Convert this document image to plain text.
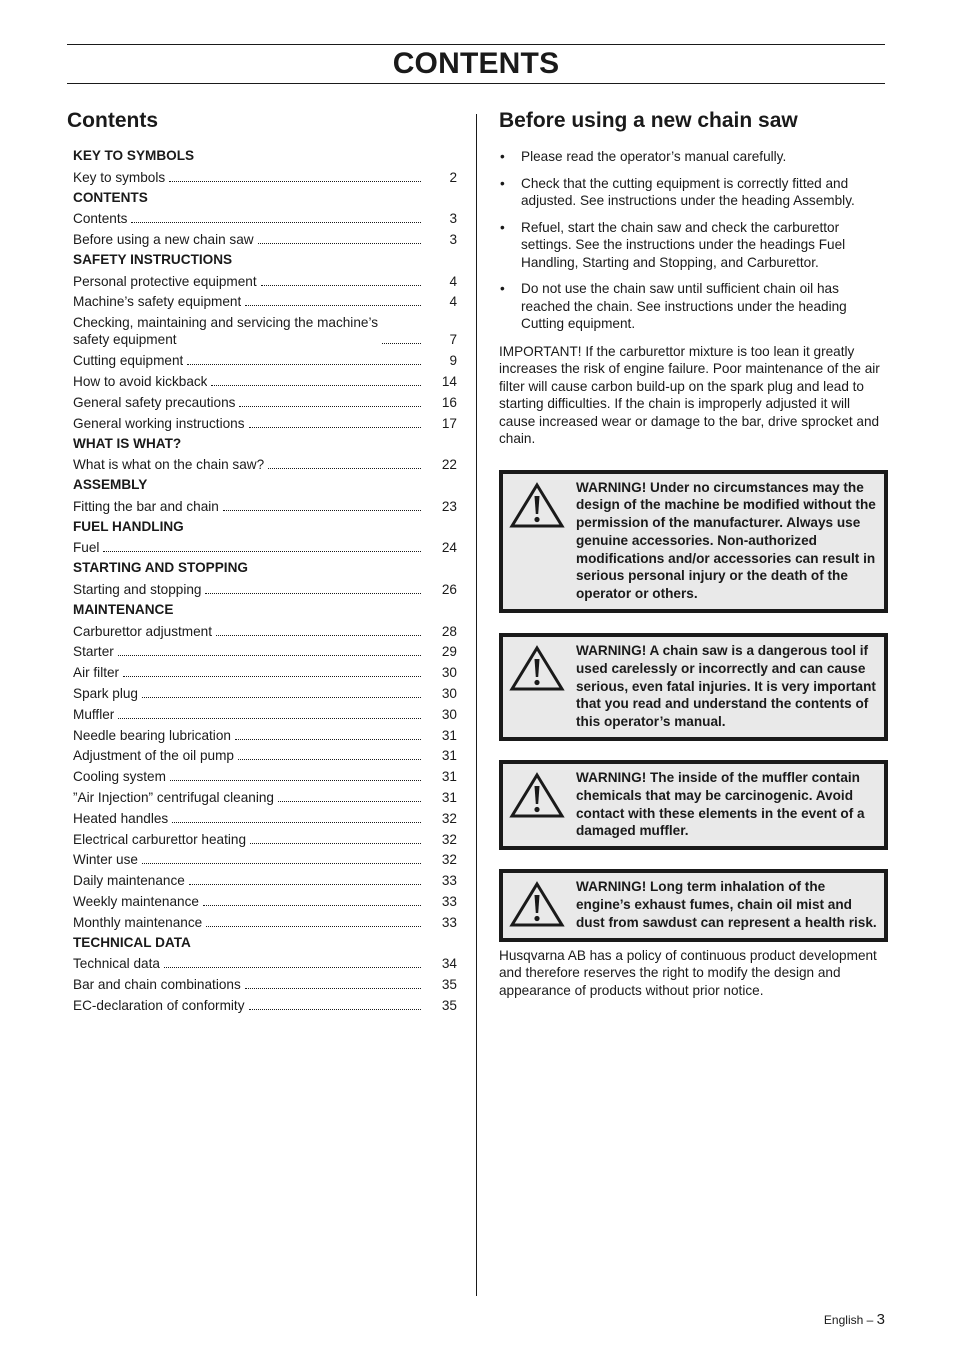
CONTENTS
Contents
KEY TO SYMBOLS
Key to symbols	2
CONTENTS
Contents	3
Before using a new chain saw	3
SAFETY INSTRUCTIONS
Personal protective equipment	4
Machine’s safety equipment	4
Checking, maintaining and servicing the machine’s
safety equipment	7
Cutting equipment	9
How to avoid kickback	14
General safety precautions	16
General working instructions	17
WHAT IS WHAT?
What is what on the chain saw?	22
ASSEMBLY
Fitting the bar and chain	23
FUEL HANDLING
Fuel	24
STARTING AND STOPPING
Starting and stopping	26
MAINTENANCE
Carburettor adjustment	28
Starter	29
Air filter	30
Spark plug	30
Muffler	30
Needle bearing lubrication	31
Adjustment of the oil pump	31
Cooling system	31
”Air Injection” centrifugal cleaning	31
Heated handles	32
Electrical carburettor heating	32
Winter use	32
Daily maintenance	33
Weekly maintenance	33
Monthly maintenance	33
TECHNICAL DATA
Technical data	34
Bar and chain combinations	35
EC-declaration of conformity	35
Before using a new chain saw
• Please read the operator’s manual carefully.
• Check that the cutting equipment is correctly fitted and adjusted. See instructions under the heading Assembly.
• Refuel, start the chain saw and check the carburettor settings. See the instructions under the headings Fuel Handling, Starting and Stopping, and Carburettor.
• Do not use the chain saw until sufficient chain oil has reached the chain. See instructions under the heading Cutting equipment.

IMPORTANT! If the carburettor mixture is too lean it greatly increases the risk of engine failure. Poor maintenance of the air filter will cause carbon build-up on the spark plug and lead to starting difficulties. If the chain is improperly adjusted it will cause increased wear or damage to the bar, drive sprocket and chain.

WARNING! Under no circumstances may the design of the machine be modified without the permission of the manufacturer. Always use genuine accessories. Non-authorized modifications and/or accessories can result in serious personal injury or the death of the operator or others.
WARNING! A chain saw is a dangerous tool if used carelessly or incorrectly and can cause serious, even fatal injuries. It is very important that you read and understand the contents of this operator’s manual.
WARNING! The inside of the muffler contain chemicals that may be carcinogenic. Avoid contact with these elements in the event of a damaged muffler.
WARNING! Long term inhalation of the engine’s exhaust fumes, chain oil mist and dust from sawdust can represent a health risk.

Husqvarna AB has a policy of continuous product development and therefore reserves the right to modify the design and appearance of products without prior notice.

English – 3
